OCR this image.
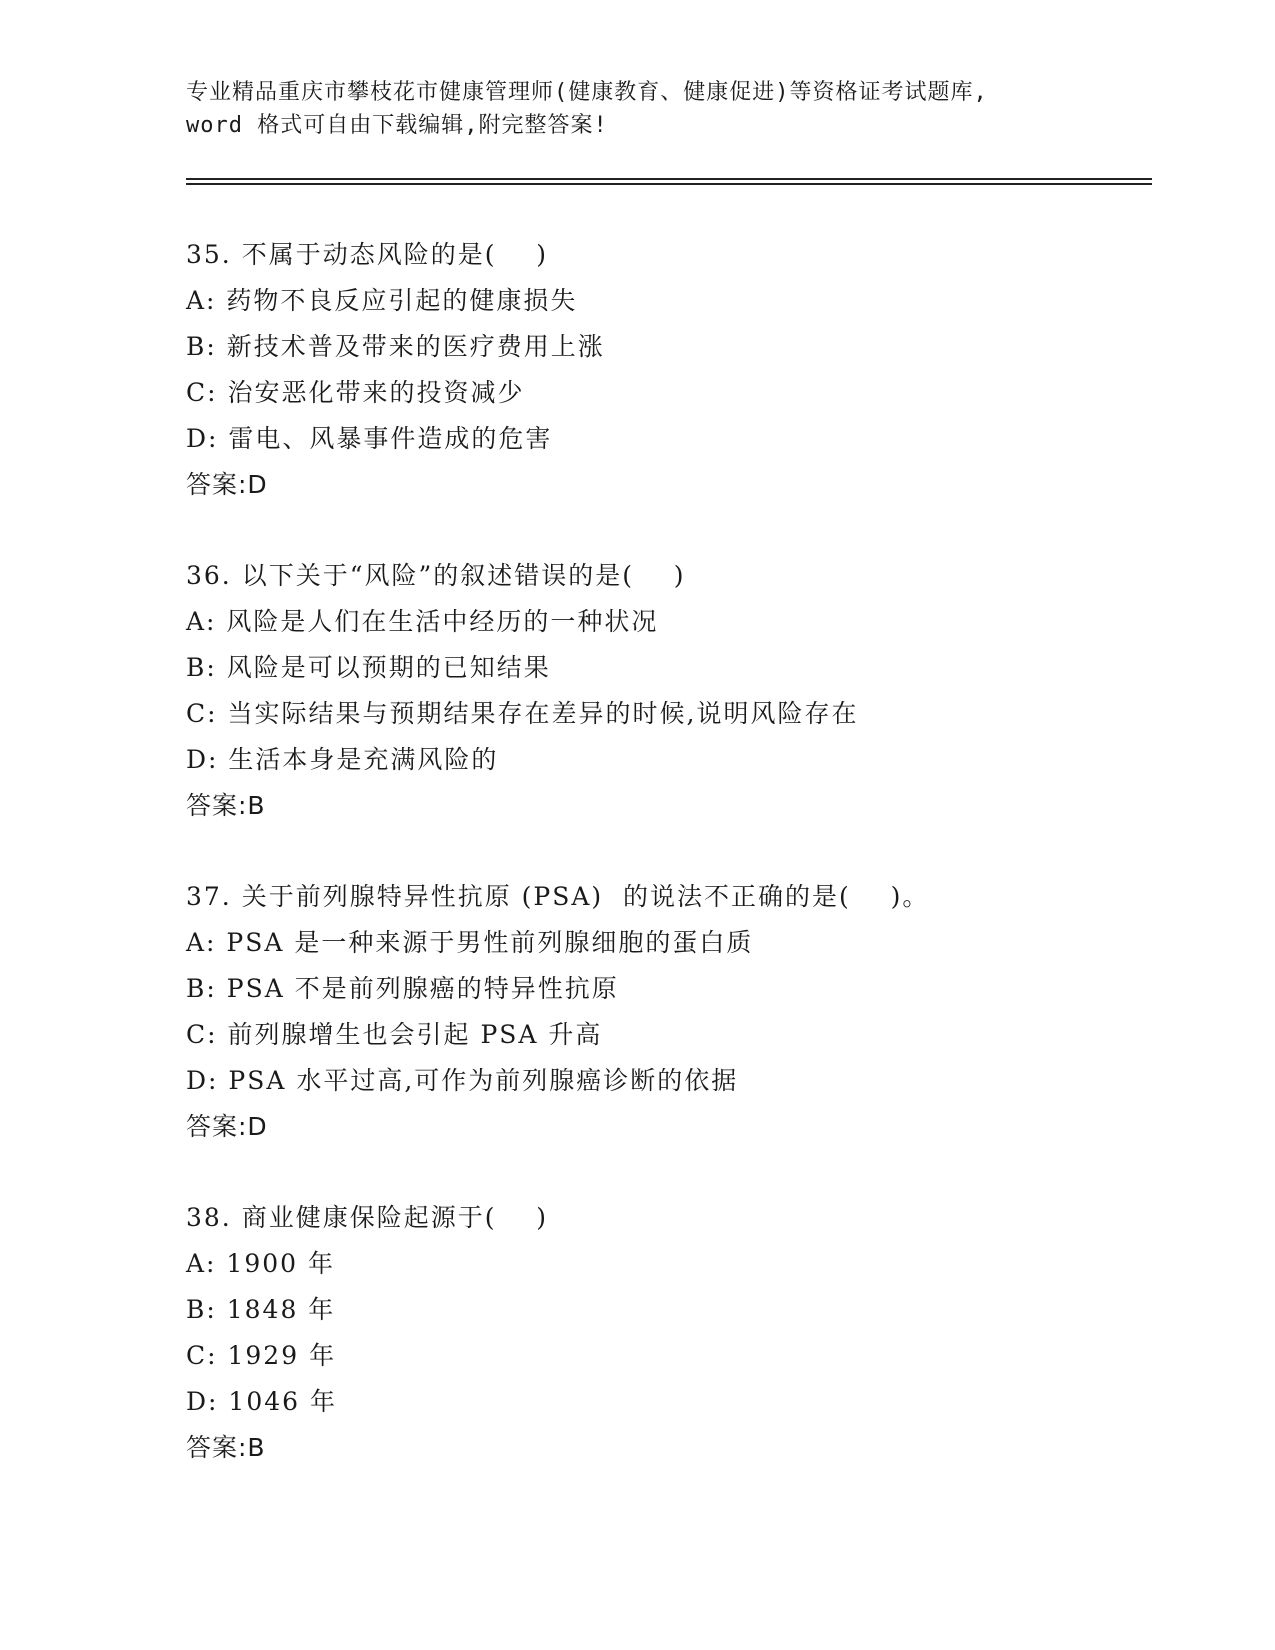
专业精品重庆市攀枝花市健康管理师(健康教育、健康促进)等资格证考试题库,
word 格式可自由下载编辑,附完整答案!
35. 不属于动态风险的是(    )
A: 药物不良反应引起的健康损失
B: 新技术普及带来的医疗费用上涨
C: 治安恶化带来的投资减少
D: 雷电、风暴事件造成的危害
答案:D
36. 以下关于“风险”的叙述错误的是(    )
A: 风险是人们在生活中经历的一种状况
B: 风险是可以预期的已知结果
C: 当实际结果与预期结果存在差异的时候,说明风险存在
D: 生活本身是充满风险的
答案:B
37. 关于前列腺特异性抗原 (PSA)  的说法不正确的是(    )。
A: PSA 是一种来源于男性前列腺细胞的蛋白质
B: PSA 不是前列腺癌的特异性抗原
C: 前列腺增生也会引起 PSA 升高
D: PSA 水平过高,可作为前列腺癌诊断的依据
答案:D
38. 商业健康保险起源于(    )
A: 1900 年
B: 1848 年
C: 1929 年
D: 1046 年
答案:B
